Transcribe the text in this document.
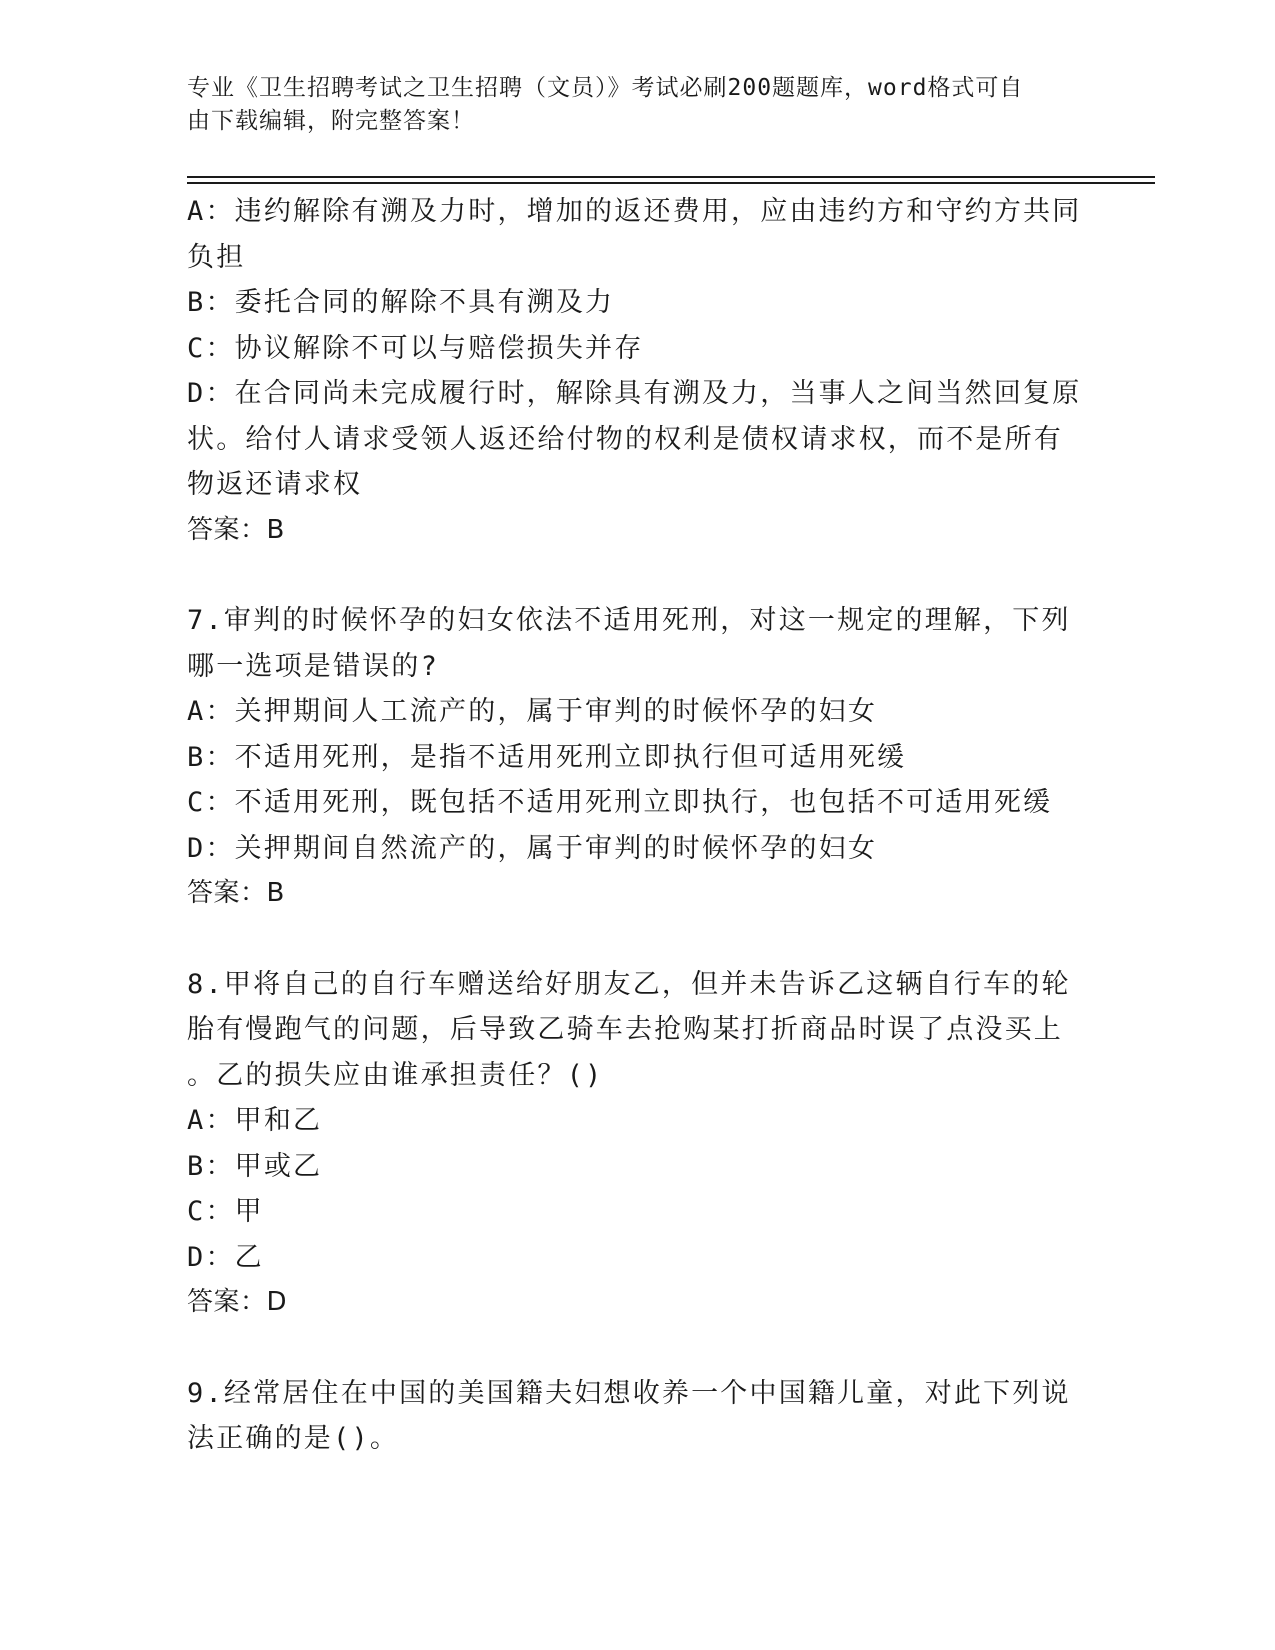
专业《卫生招聘考试之卫生招聘（文员）》考试必刷200题题库，word格式可自
由下载编辑，附完整答案！
A：违约解除有溯及力时，增加的返还费用，应由违约方和守约方共同
负担
B：委托合同的解除不具有溯及力
C：协议解除不可以与赔偿损失并存
D：在合同尚未完成履行时，解除具有溯及力，当事人之间当然回复原
状。给付人请求受领人返还给付物的权利是债权请求权，而不是所有
物返还请求权
答案：B
7.审判的时候怀孕的妇女依法不适用死刑，对这一规定的理解，下列
哪一选项是错误的?
A：关押期间人工流产的，属于审判的时候怀孕的妇女
B：不适用死刑，是指不适用死刑立即执行但可适用死缓
C：不适用死刑，既包括不适用死刑立即执行，也包括不可适用死缓
D：关押期间自然流产的，属于审判的时候怀孕的妇女
答案：B
8.甲将自己的自行车赠送给好朋友乙，但并未告诉乙这辆自行车的轮
胎有慢跑气的问题，后导致乙骑车去抢购某打折商品时误了点没买上
。乙的损失应由谁承担责任？()
A：甲和乙
B：甲或乙
C：甲
D：乙
答案：D
9.经常居住在中国的美国籍夫妇想收养一个中国籍儿童，对此下列说
法正确的是()。
